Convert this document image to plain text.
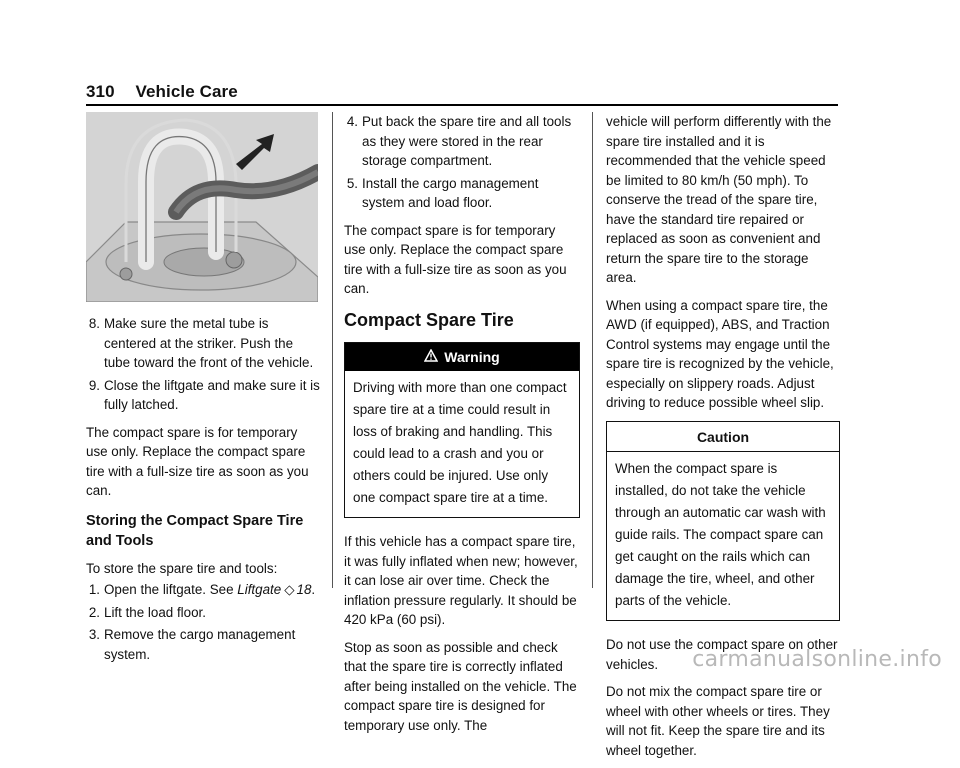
310 Vehicle Care
8. Make sure the metal tube is centered at the striker. Push the tube toward the front of the vehicle.
9. Close the liftgate and make sure it is fully latched.

The compact spare is for temporary use only. Replace the compact spare tire with a full-size tire as soon as you can.

Storing the Compact Spare Tire and Tools

To store the spare tire and tools:

1. Open the liftgate. See Liftgate ◇ 18.
2. Lift the load floor.
3. Remove the cargo management system.
4. Put back the spare tire and all tools as they were stored in the rear storage compartment.
5. Install the cargo management system and load floor.

The compact spare is for temporary use only. Replace the compact spare tire with a full-size tire as soon as you can.

Compact Spare Tire
Warning
Driving with more than one compact spare tire at a time could result in loss of braking and handling. This could lead to a crash and you or others could be injured. Use only one compact spare tire at a time.

If this vehicle has a compact spare tire, it was fully inflated when new; however, it can lose air over time. Check the inflation pressure regularly. It should be 420 kPa (60 psi).

Stop as soon as possible and check that the spare tire is correctly inflated after being installed on the vehicle. The compact spare tire is designed for temporary use only. The

vehicle will perform differently with the spare tire installed and it is recommended that the vehicle speed be limited to 80 km/h (50 mph). To conserve the tread of the spare tire, have the standard tire repaired or replaced as soon as convenient and return the spare tire to the storage area.

When using a compact spare tire, the AWD (if equipped), ABS, and Traction Control systems may engage until the spare tire is recognized by the vehicle, especially on slippery roads. Adjust driving to reduce possible wheel slip.

Caution
When the compact spare is installed, do not take the vehicle through an automatic car wash with guide rails. The compact spare can get caught on the rails which can damage the tire, wheel, and other parts of the vehicle.

Do not use the compact spare on other vehicles.

Do not mix the compact spare tire or wheel with other wheels or tires. They will not fit. Keep the spare tire and its wheel together.

carmanualsonline.info
